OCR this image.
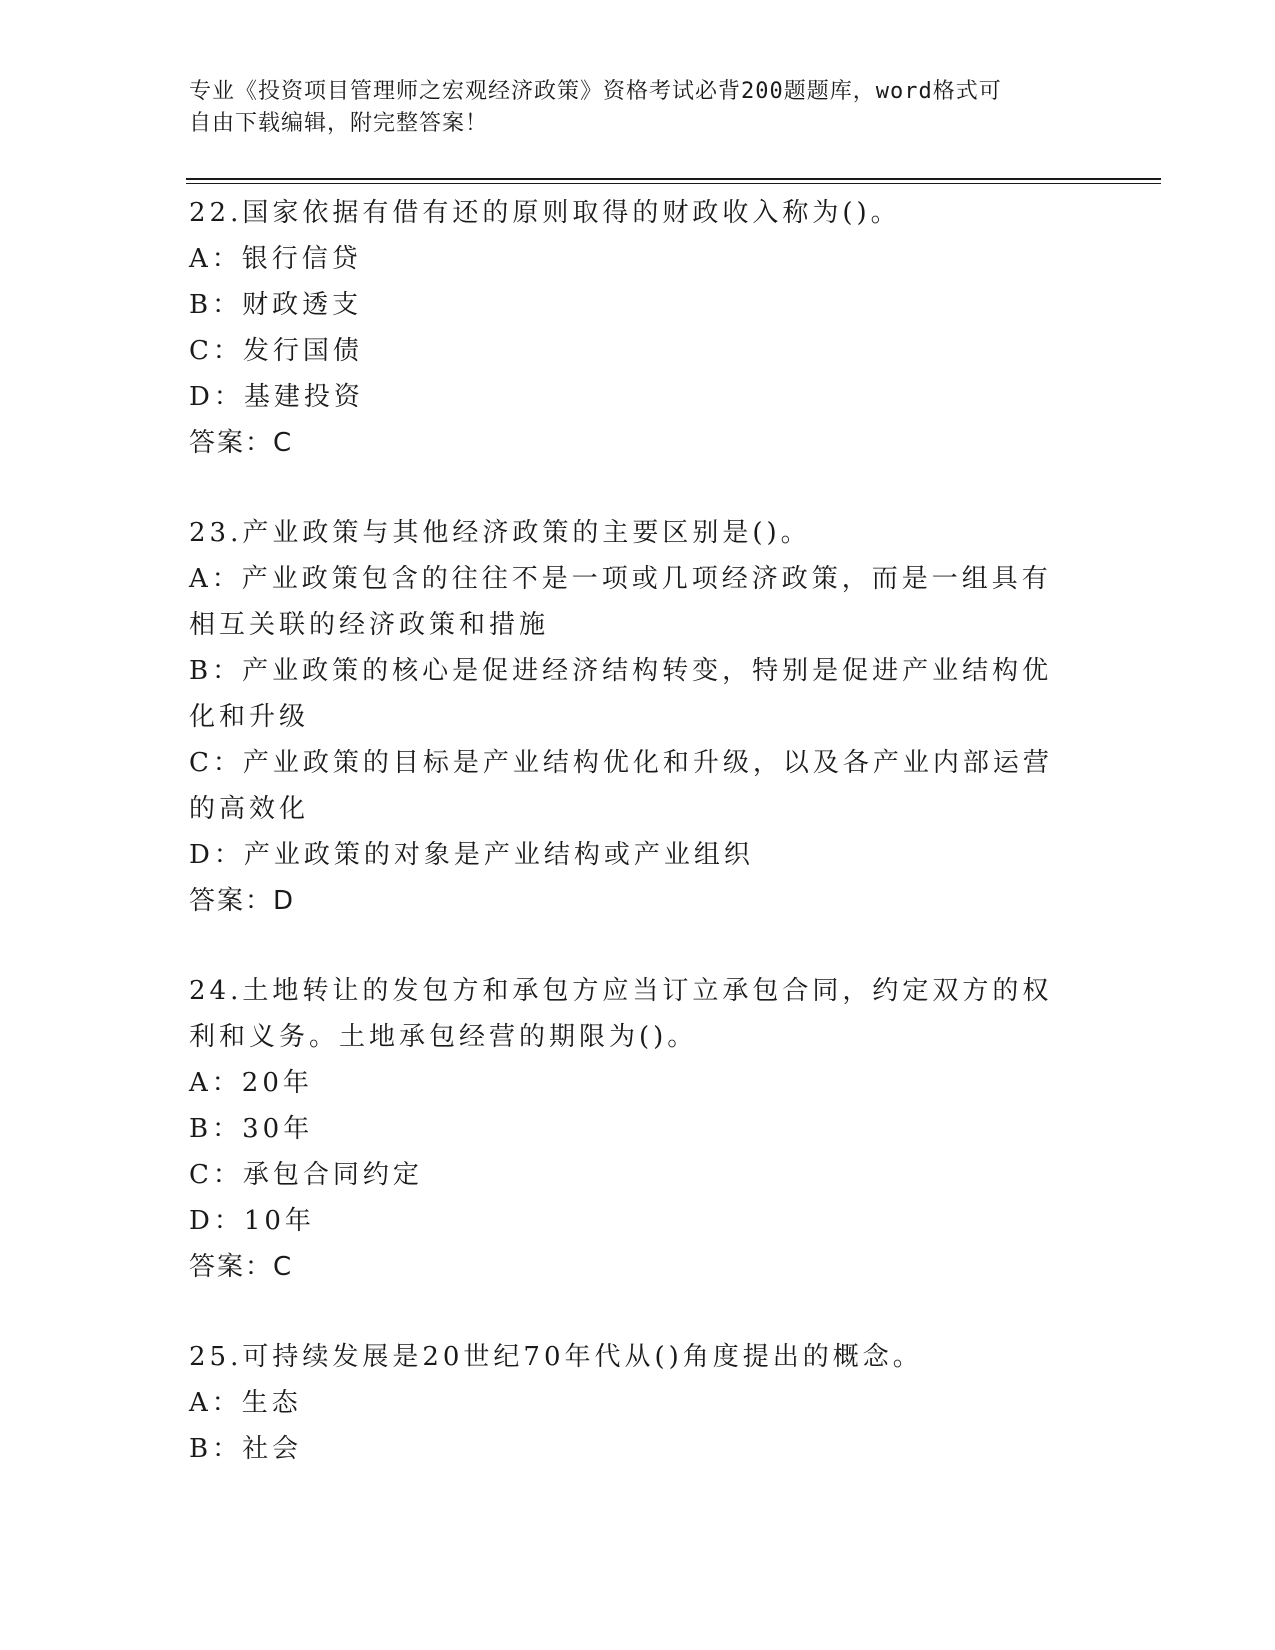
专业《投资项目管理师之宏观经济政策》资格考试必背200题题库，word格式可
自由下载编辑，附完整答案！

22.国家依据有借有还的原则取得的财政收入称为()。

A：银行信贷

B：财政透支

C：发行国债

D：基建投资

答案：C

23.产业政策与其他经济政策的主要区别是()。

A：产业政策包含的往往不是一项或几项经济政策，而是一组具有相互关联的经济政策和措施

B：产业政策的核心是促进经济结构转变，特别是促进产业结构优化和升级

C：产业政策的目标是产业结构优化和升级，以及各产业内部运营的高效化

D：产业政策的对象是产业结构或产业组织

答案：D

24.土地转让的发包方和承包方应当订立承包合同，约定双方的权利和义务。土地承包经营的期限为()。

A：20年

B：30年

C：承包合同约定

D：10年

答案：C

25.可持续发展是20世纪70年代从()角度提出的概念。

A：生态

B：社会
